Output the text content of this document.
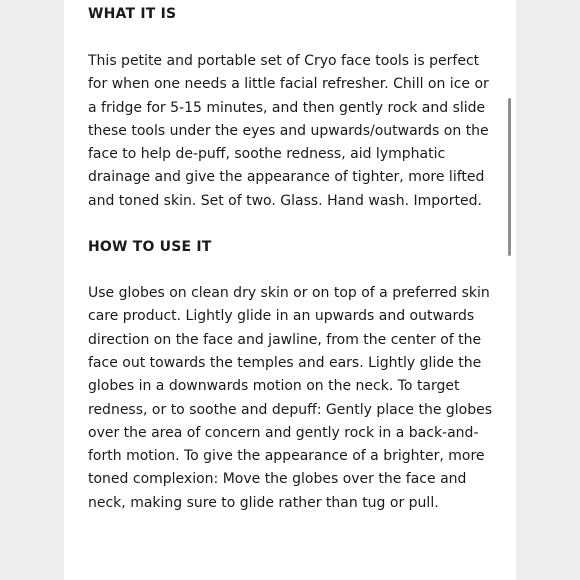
WHAT IT IS

This petite and portable set of Cryo face tools is perfect for when one needs a little facial refresher. Chill on ice or a fridge for 5-15 minutes, and then gently rock and slide these tools under the eyes and upwards/outwards on the face to help de-puff, soothe redness, aid lymphatic drainage and give the appearance of tighter, more lifted and toned skin. Set of two. Glass. Hand wash. Imported.

HOW TO USE IT

Use globes on clean dry skin or on top of a preferred skin care product. Lightly glide in an upwards and outwards direction on the face and jawline, from the center of the face out towards the temples and ears. Lightly glide the globes in a downwards motion on the neck. To target redness, or to soothe and depuff: Gently place the globes over the area of concern and gently rock in a back-and-forth motion. To give the appearance of a brighter, more toned complexion: Move the globes over the face and neck, making sure to glide rather than tug or pull.
